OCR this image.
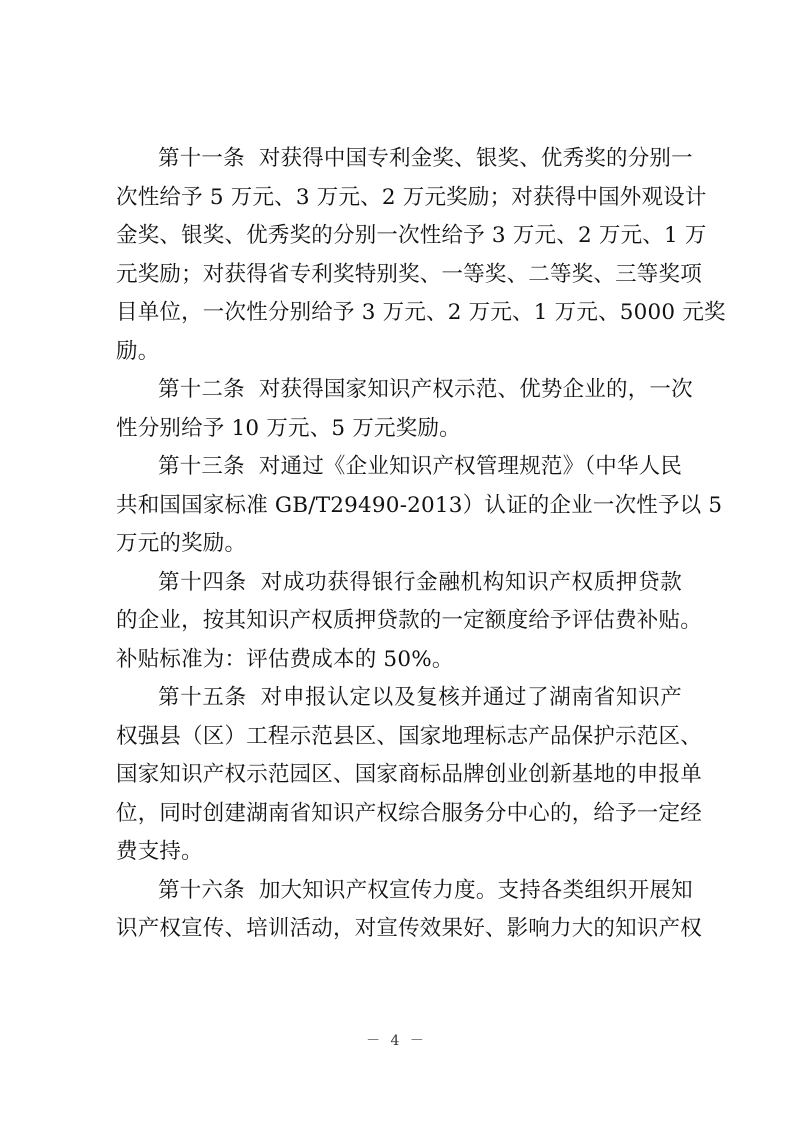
第十一条 对获得中国专利金奖、银奖、优秀奖的分别一
次性给予 5 万元、3 万元、2 万元奖励；对获得中国外观设计
金奖、银奖、优秀奖的分别一次性给予 3 万元、2 万元、1 万
元奖励；对获得省专利奖特别奖、一等奖、二等奖、三等奖项
目单位，一次性分别给予 3 万元、2 万元、1 万元、5000 元奖
励。
第十二条 对获得国家知识产权示范、优势企业的，一次
性分别给予 10 万元、5 万元奖励。
第十三条 对通过《企业知识产权管理规范》（中华人民
共和国国家标准 GB/T29490-2013）认证的企业一次性予以 5
万元的奖励。
第十四条 对成功获得银行金融机构知识产权质押贷款
的企业，按其知识产权质押贷款的一定额度给予评估费补贴。
补贴标准为：评估费成本的 50%。
第十五条 对申报认定以及复核并通过了湖南省知识产
权强县（区）工程示范县区、国家地理标志产品保护示范区、
国家知识产权示范园区、国家商标品牌创业创新基地的申报单
位，同时创建湖南省知识产权综合服务分中心的，给予一定经
费支持。
第十六条 加大知识产权宣传力度。支持各类组织开展知
识产权宣传、培训活动，对宣传效果好、影响力大的知识产权
－ 4 －
